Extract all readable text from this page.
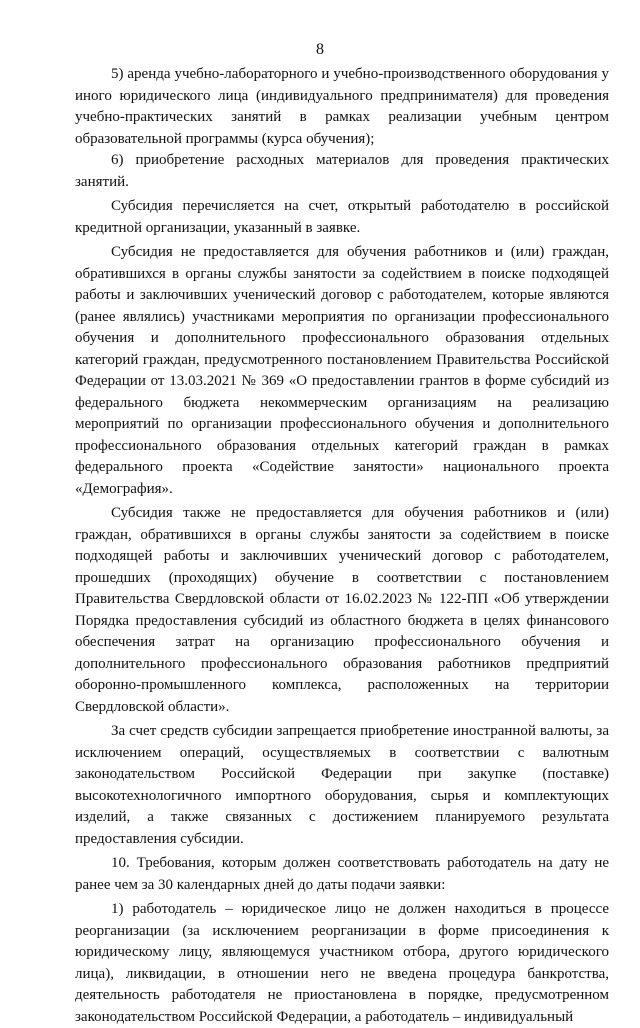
8

5) аренда учебно-лабораторного и учебно-производственного оборудования у иного юридического лица (индивидуального предпринимателя) для проведения учебно-практических занятий в рамках реализации учебным центром образовательной программы (курса обучения);

6) приобретение расходных материалов для проведения практических занятий.

Субсидия перечисляется на счет, открытый работодателю в российской кредитной организации, указанный в заявке.

Субсидия не предоставляется для обучения работников и (или) граждан, обратившихся в органы службы занятости за содействием в поиске подходящей работы и заключивших ученический договор с работодателем, которые являются (ранее являлись) участниками мероприятия по организации профессионального обучения и дополнительного профессионального образования отдельных категорий граждан, предусмотренного постановлением Правительства Российской Федерации от 13.03.2021 № 369 «О предоставлении грантов в форме субсидий из федерального бюджета некоммерческим организациям на реализацию мероприятий по организации профессионального обучения и дополнительного профессионального образования отдельных категорий граждан в рамках федерального проекта «Содействие занятости» национального проекта «Демография».

Субсидия также не предоставляется для обучения работников и (или) граждан, обратившихся в органы службы занятости за содействием в поиске подходящей работы и заключивших ученический договор с работодателем, прошедших (проходящих) обучение в соответствии с постановлением Правительства Свердловской области от 16.02.2023 № 122-ПП «Об утверждении Порядка предоставления субсидий из областного бюджета в целях финансового обеспечения затрат на организацию профессионального обучения и дополнительного профессионального образования работников предприятий оборонно-промышленного комплекса, расположенных на территории Свердловской области».

За счет средств субсидии запрещается приобретение иностранной валюты, за исключением операций, осуществляемых в соответствии с валютным законодательством Российской Федерации при закупке (поставке) высокотехнологичного импортного оборудования, сырья и комплектующих изделий, а также связанных с достижением планируемого результата предоставления субсидии.

10. Требования, которым должен соответствовать работодатель на дату не ранее чем за 30 календарных дней до даты подачи заявки:

1) работодатель – юридическое лицо не должен находиться в процессе реорганизации (за исключением реорганизации в форме присоединения к юридическому лицу, являющемуся участником отбора, другого юридического лица), ликвидации, в отношении него не введена процедура банкротства, деятельность работодателя не приостановлена в порядке, предусмотренном законодательством Российской Федерации, а работодатель – индивидуальный
